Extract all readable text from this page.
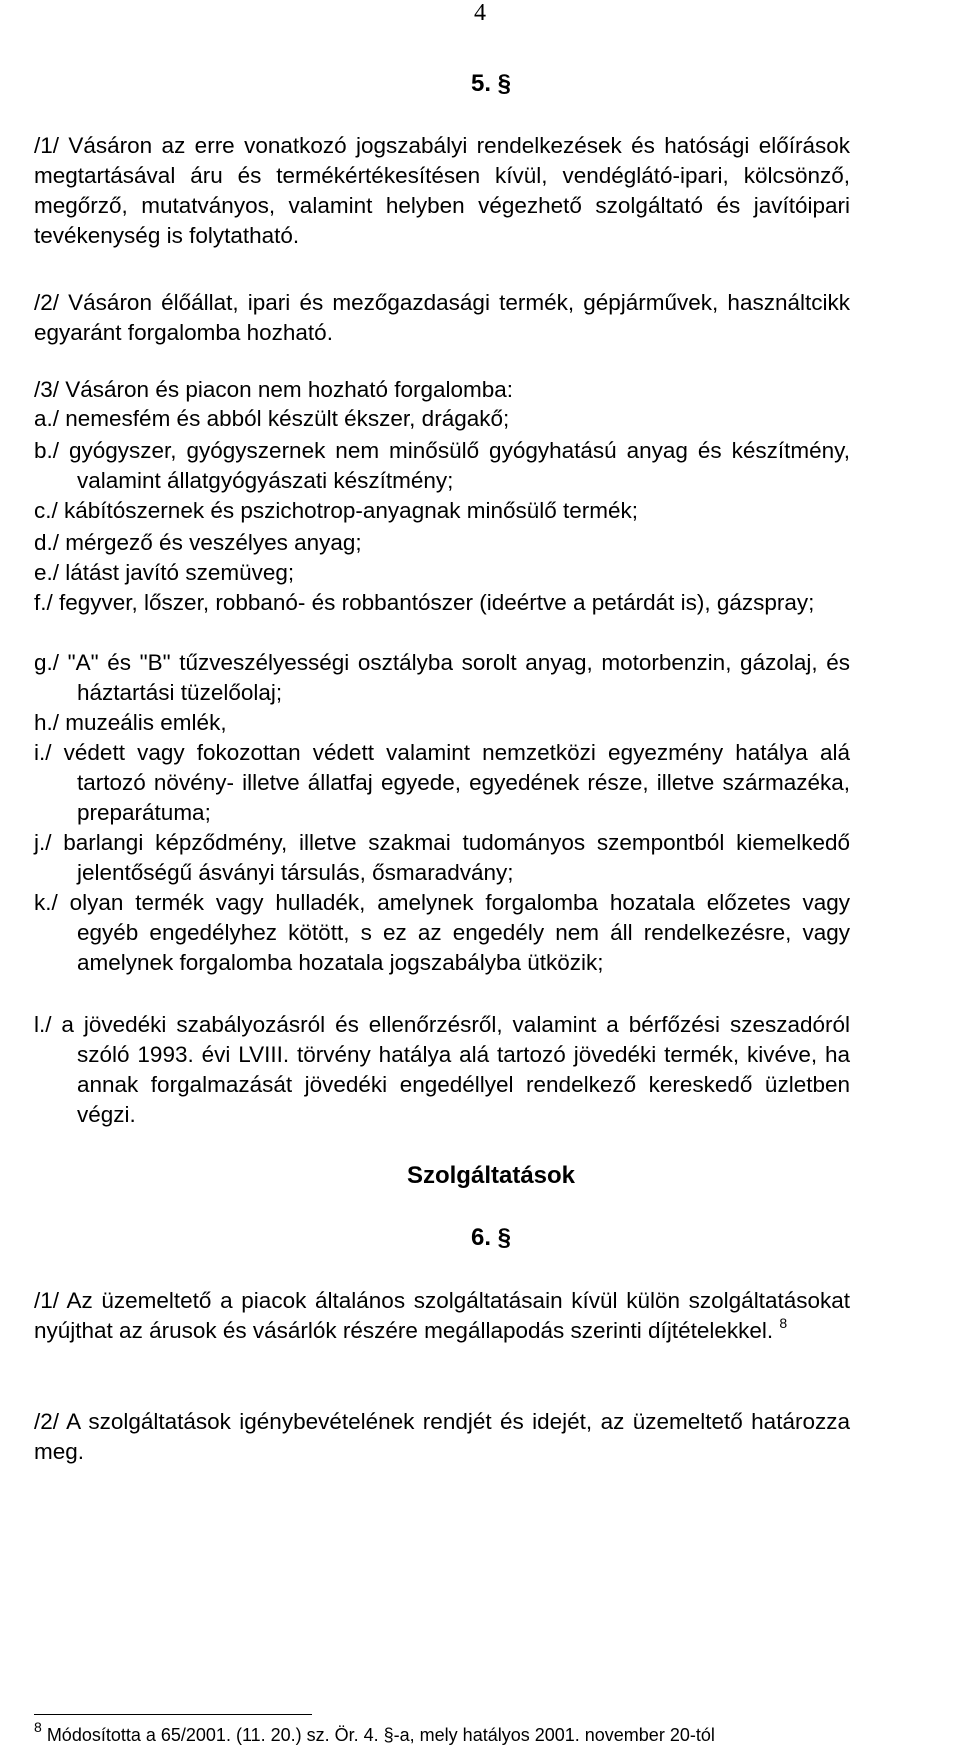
4
5. §
/1/ Vásáron az erre vonatkozó jogszabályi rendelkezések és hatósági előírások megtartásával áru és termékértékesítésen kívül, vendéglátó-ipari, kölcsönző, megőrző, mutatványos, valamint helyben végezhető szolgáltató és javítóipari tevékenység is folytatható.
/2/ Vásáron élőállat, ipari és mezőgazdasági termék, gépjárművek, használtcikk egyaránt forgalomba hozható.
/3/ Vásáron és piacon nem hozható forgalomba:
a./ nemesfém és abból készült ékszer, drágakő;
b./ gyógyszer, gyógyszernek nem minősülő gyógyhatású anyag és készítmény, valamint állatgyógyászati készítmény;
c./ kábítószernek és pszichotrop-anyagnak minősülő termék;
d./ mérgező és veszélyes anyag;
e./ látást javító szemüveg;
f./ fegyver, lőszer, robbanó- és robbantószer (ideértve a petárdát is), gázspray;
g./ "A" és "B" tűzveszélyességi osztályba sorolt anyag, motorbenzin, gázolaj, és háztartási tüzelőolaj;
h./ muzeális emlék,
i./ védett vagy fokozottan védett valamint nemzetközi egyezmény hatálya alá tartozó növény- illetve állatfaj egyede, egyedének része, illetve származéka, preparátuma;
j./ barlangi képződmény, illetve szakmai tudományos szempontból kiemelkedő jelentőségű ásványi társulás, ősmaradvány;
k./ olyan termék vagy hulladék, amelynek forgalomba hozatala előzetes vagy egyéb engedélyhez kötött, s ez az engedély nem áll rendelkezésre, vagy amelynek forgalomba hozatala jogszabályba ütközik;
l./ a jövedéki szabályozásról és ellenőrzésről, valamint a bérfőzési szeszadóról szóló 1993. évi LVIII. törvény hatálya alá tartozó jövedéki termék, kivéve, ha annak forgalmazását jövedéki engedéllyel rendelkező kereskedő üzletben végzi.
Szolgáltatások
6. §
/1/ Az üzemeltető a piacok általános szolgáltatásain kívül külön szolgáltatásokat nyújthat az árusok és vásárlók részére megállapodás szerinti díjtételekkel. $^8$
/2/ A szolgáltatások igénybevételének rendjét és idejét, az üzemeltető határozza meg.
$^8$ Módosította a 65/2001. (11. 20.) sz. Ör. 4. §-a, mely hatályos 2001. november 20-tól
